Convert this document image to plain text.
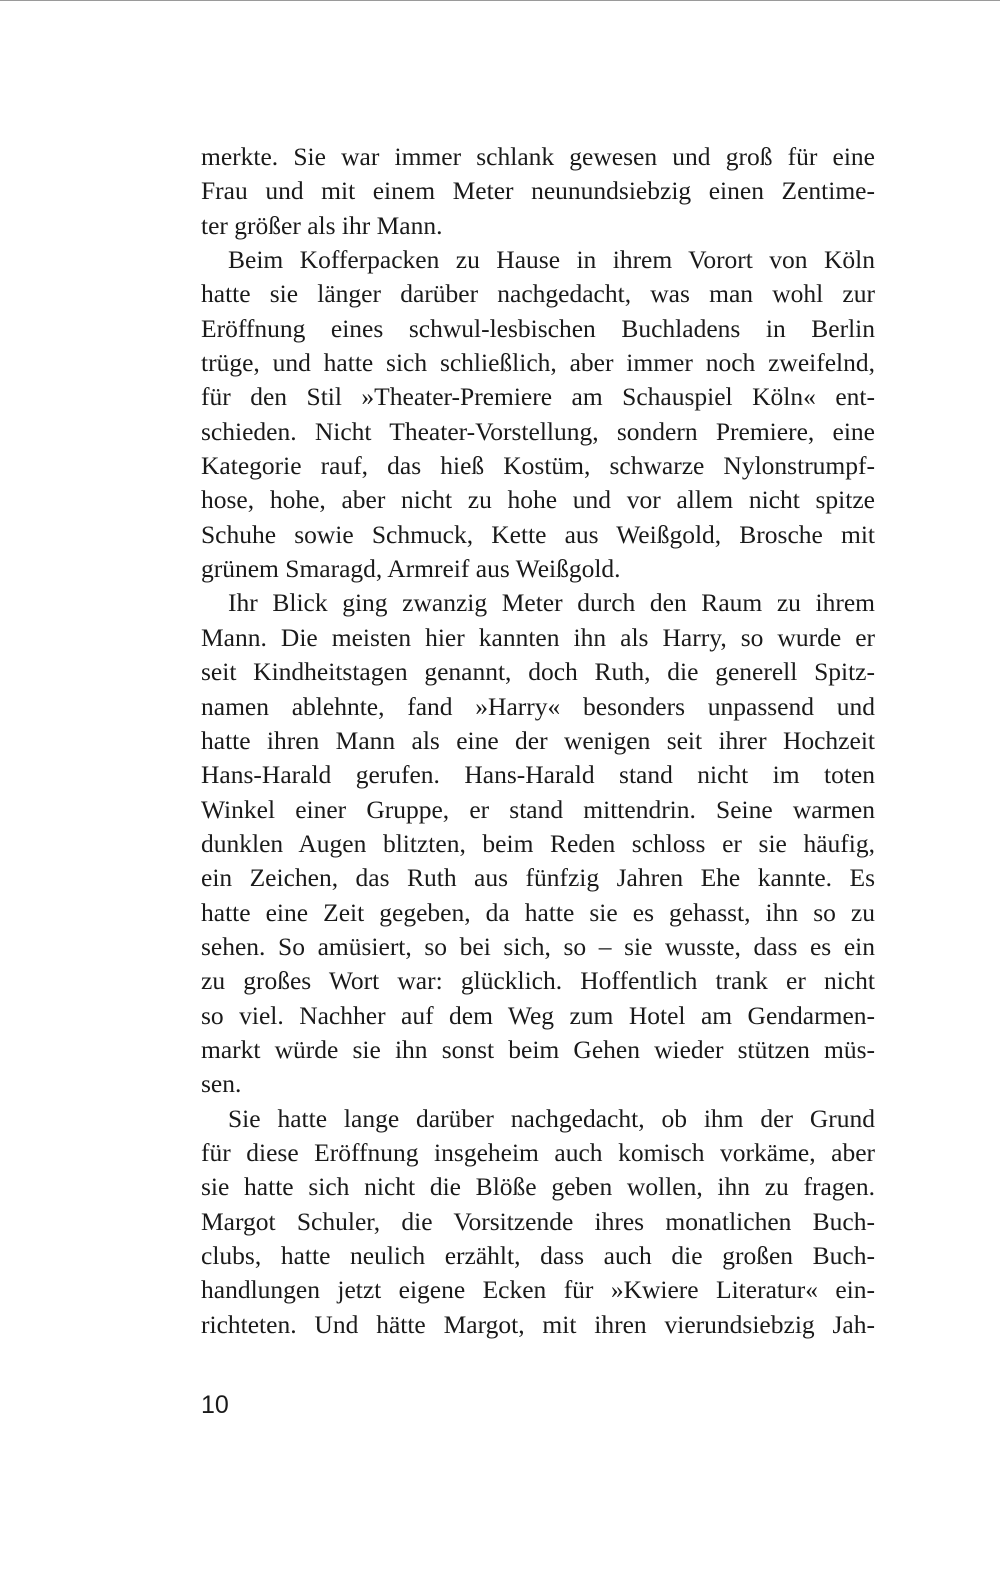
merkte. Sie war immer schlank gewesen und groß für eine
Frau und mit einem Meter neunundsiebzig einen Zentime-
ter größer als ihr Mann.
Beim Kofferpacken zu Hause in ihrem Vorort von Köln
hatte sie länger darüber nachgedacht, was man wohl zur
Eröffnung eines schwul-lesbischen Buchladens in Berlin
trüge, und hatte sich schließlich, aber immer noch zweifelnd,
für den Stil »Theater-Premiere am Schauspiel Köln« ent-
schieden. Nicht Theater-Vorstellung, sondern Premiere, eine
Kategorie rauf, das hieß Kostüm, schwarze Nylonstrumpf-
hose, hohe, aber nicht zu hohe und vor allem nicht spitze
Schuhe sowie Schmuck, Kette aus Weißgold, Brosche mit
grünem Smaragd, Armreif aus Weißgold.
Ihr Blick ging zwanzig Meter durch den Raum zu ihrem
Mann. Die meisten hier kannten ihn als Harry, so wurde er
seit Kindheitstagen genannt, doch Ruth, die generell Spitz-
namen ablehnte, fand »Harry« besonders unpassend und
hatte ihren Mann als eine der wenigen seit ihrer Hochzeit
Hans-Harald gerufen. Hans-Harald stand nicht im toten
Winkel einer Gruppe, er stand mittendrin. Seine warmen
dunklen Augen blitzten, beim Reden schloss er sie häufig,
ein Zeichen, das Ruth aus fünfzig Jahren Ehe kannte. Es
hatte eine Zeit gegeben, da hatte sie es gehasst, ihn so zu
sehen. So amüsiert, so bei sich, so – sie wusste, dass es ein
zu großes Wort war: glücklich. Hoffentlich trank er nicht
so viel. Nachher auf dem Weg zum Hotel am Gendarmen-
markt würde sie ihn sonst beim Gehen wieder stützen müs-
sen.
Sie hatte lange darüber nachgedacht, ob ihm der Grund
für diese Eröffnung insgeheim auch komisch vorkäme, aber
sie hatte sich nicht die Blöße geben wollen, ihn zu fragen.
Margot Schuler, die Vorsitzende ihres monatlichen Buch-
clubs, hatte neulich erzählt, dass auch die großen Buch-
handlungen jetzt eigene Ecken für »Kwiere Literatur« ein-
richteten. Und hätte Margot, mit ihren vierundsiebzig Jah-
10
